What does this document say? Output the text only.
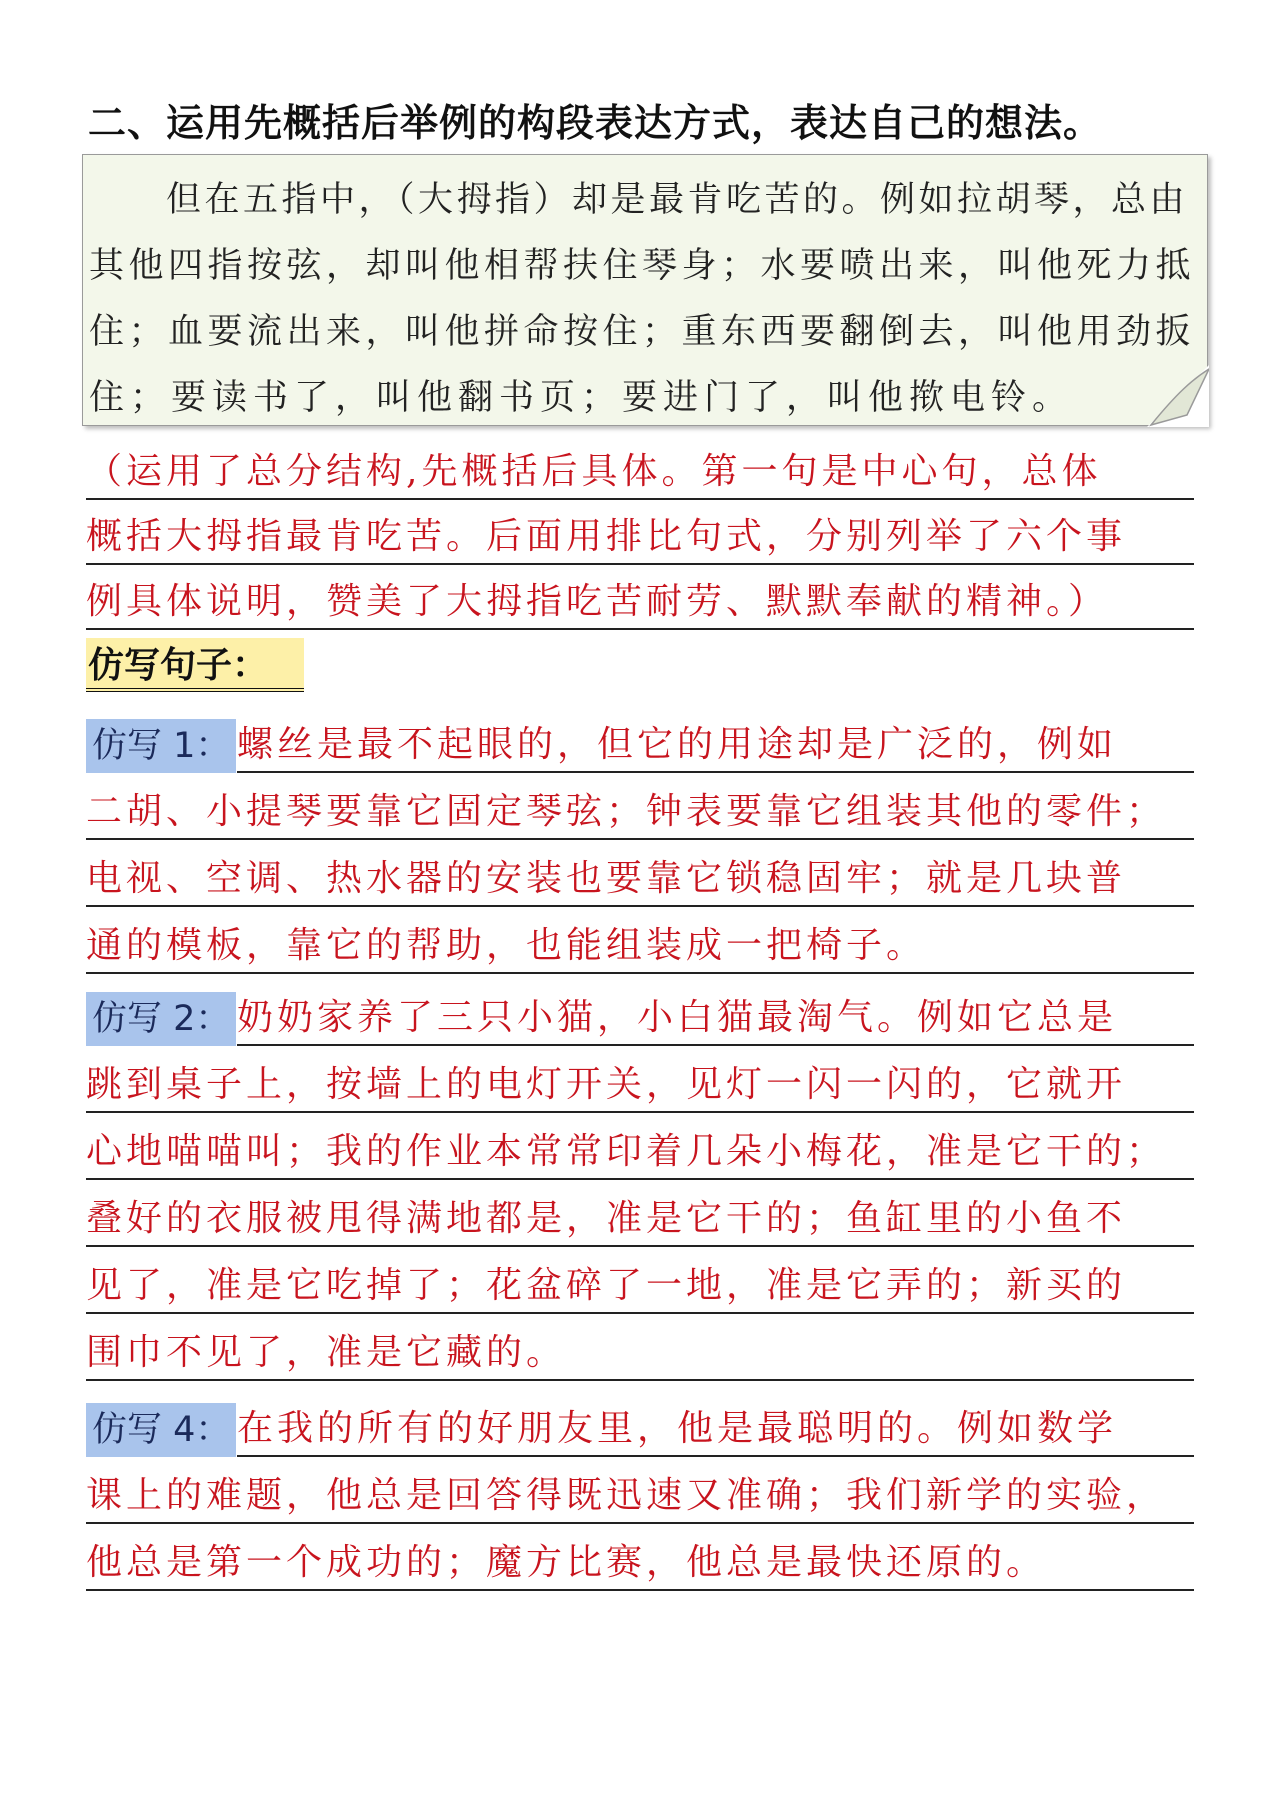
二、运用先概括后举例的构段表达方式，表达自己的想法。
　　但在五指中，（大拇指）却是最肯吃苦的。例如拉胡琴，总由
其他四指按弦，却叫他相帮扶住琴身；水要喷出来，叫他死力抵
住；血要流出来，叫他拼命按住；重东西要翻倒去，叫他用劲扳
住；要读书了，叫他翻书页；要进门了，叫他揿电铃。
（运用了总分结构,先概括后具体。第一句是中心句，总体
概括大拇指最肯吃苦。后面用排比句式，分别列举了六个事
例具体说明，赞美了大拇指吃苦耐劳、默默奉献的精神。）
仿写句子：
仿写 1： 螺丝是最不起眼的，但它的用途却是广泛的，例如
二胡、小提琴要靠它固定琴弦；钟表要靠它组装其他的零件；
电视、空调、热水器的安装也要靠它锁稳固牢；就是几块普
通的模板，靠它的帮助，也能组装成一把椅子。
仿写 2： 奶奶家养了三只小猫，小白猫最淘气。例如它总是
跳到桌子上，按墙上的电灯开关，见灯一闪一闪的，它就开
心地喵喵叫；我的作业本常常印着几朵小梅花，准是它干的；
叠好的衣服被甩得满地都是，准是它干的；鱼缸里的小鱼不
见了，准是它吃掉了；花盆碎了一地，准是它弄的；新买的
围巾不见了，准是它藏的。
仿写 4： 在我的所有的好朋友里，他是最聪明的。例如数学
课上的难题，他总是回答得既迅速又准确；我们新学的实验，
他总是第一个成功的；魔方比赛，他总是最快还原的。
